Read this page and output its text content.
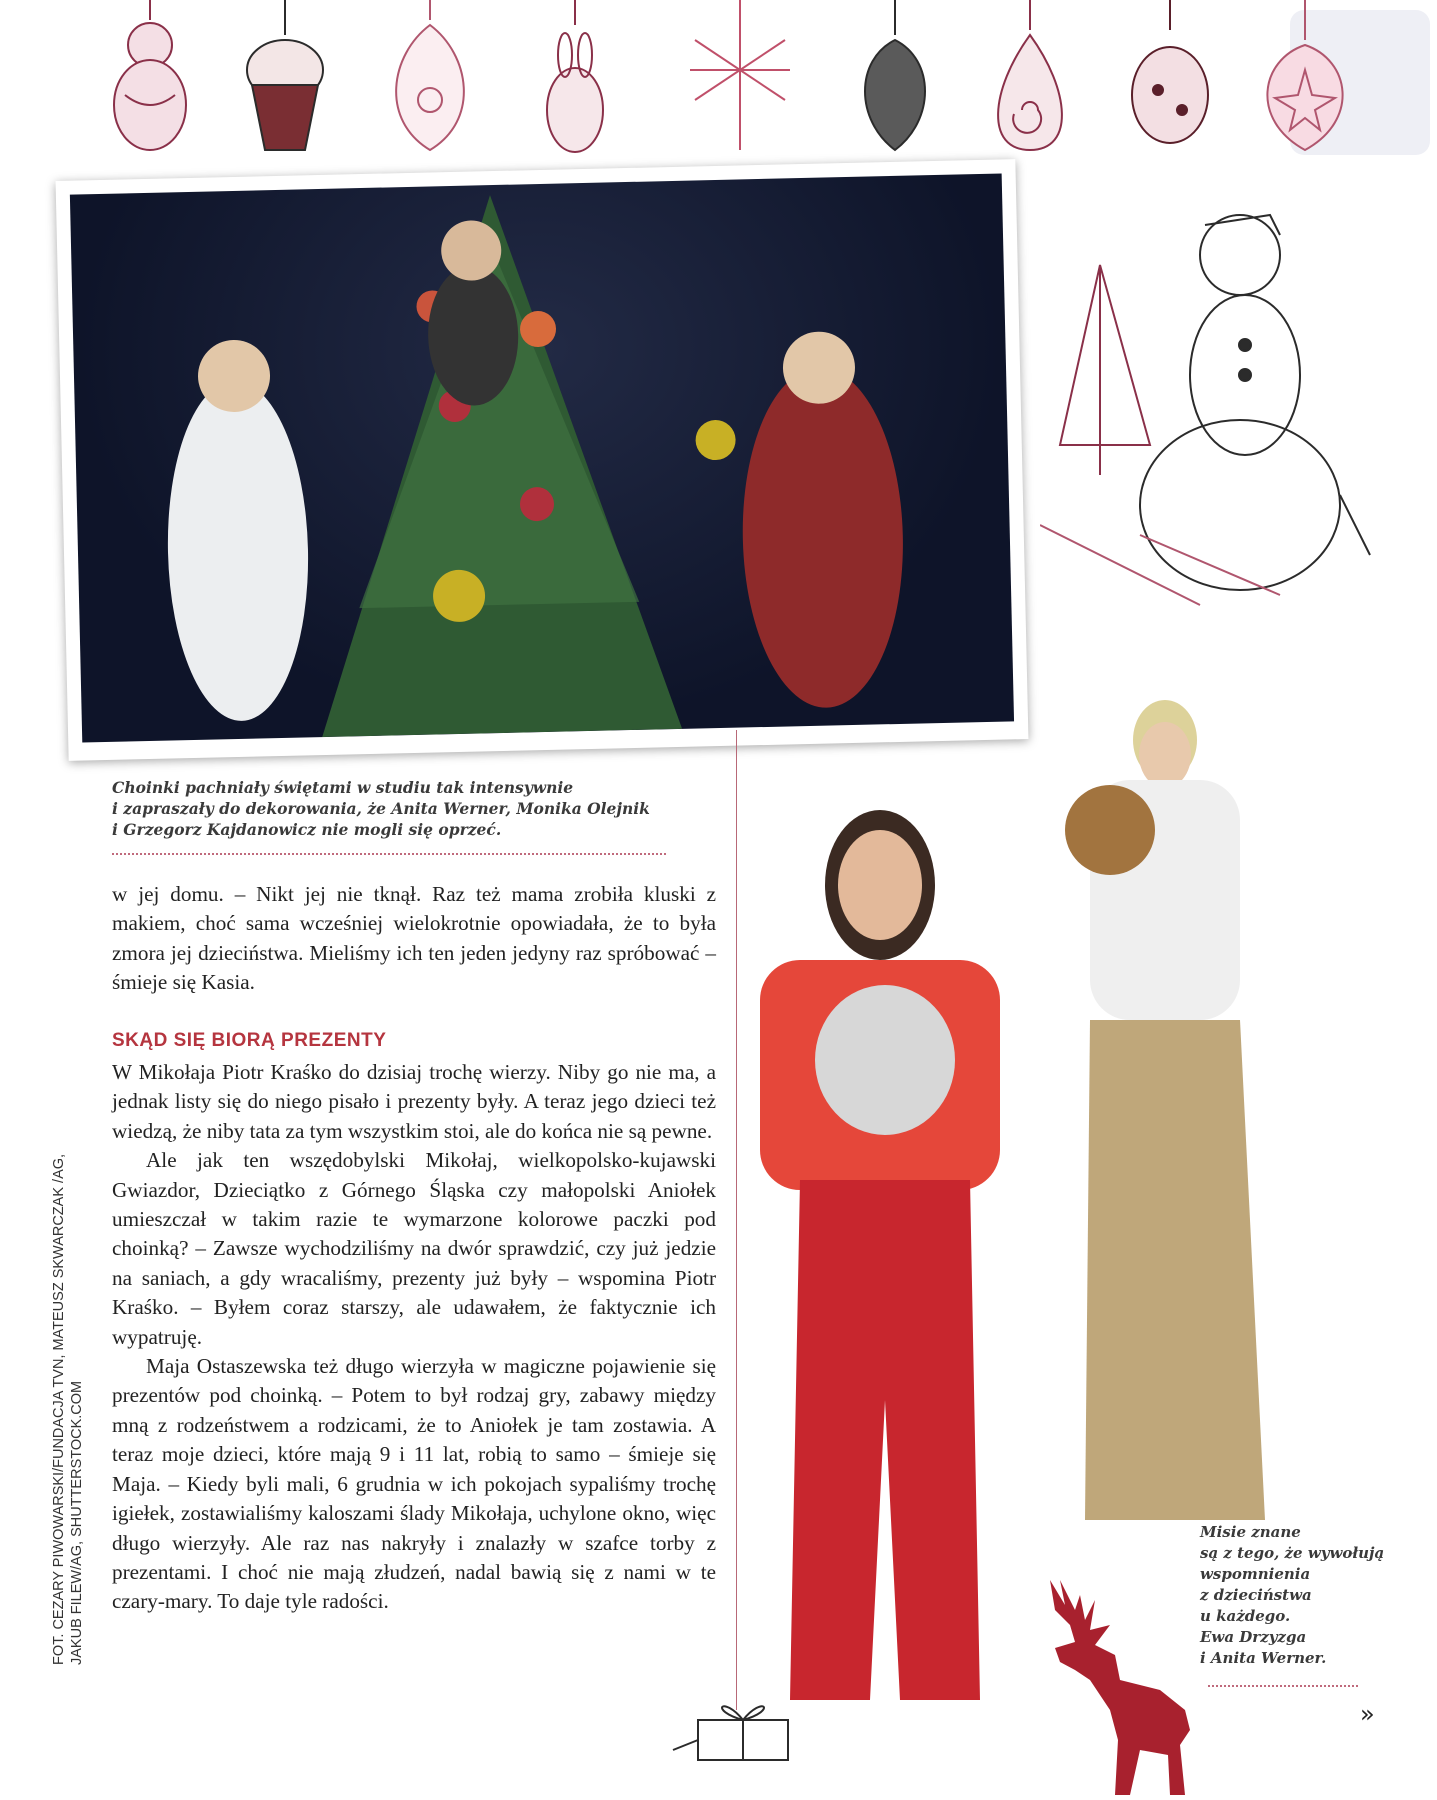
Choinki pachniały świętami w studiu tak intensywnie
i zapraszały do dekorowania, że Anita Werner, Monika Olejnik
i Grzegorz Kajdanowicz nie mogli się oprzeć.

w jej domu. – Nikt jej nie tknął. Raz też mama zrobiła kluski z makiem, choć sama wcześniej wielokrotnie opowiadała, że to była zmora jej dzieciństwa. Mieliśmy ich ten jeden jedyny raz spróbować – śmieje się Kasia.

SKĄD SIĘ BIORĄ PREZENTY

W Mikołaja Piotr Kraśko do dzisiaj trochę wierzy. Niby go nie ma, a jednak listy się do niego pisało i prezenty były. A teraz jego dzieci też wiedzą, że niby tata za tym wszystkim stoi, ale do końca nie są pewne.

Ale jak ten wszędobylski Mikołaj, wielkopolsko-kujawski Gwiazdor, Dzieciątko z Górnego Śląska czy małopolski Aniołek umieszczał w takim razie te wymarzone kolorowe paczki pod choinką? – Zawsze wychodziliśmy na dwór sprawdzić, czy już jedzie na saniach, a gdy wracaliśmy, prezenty już były – wspomina Piotr Kraśko. – Byłem coraz starszy, ale udawałem, że faktycznie ich wypatruję.

Maja Ostaszewska też długo wierzyła w magiczne pojawienie się prezentów pod choinką. – Potem to był rodzaj gry, zabawy między mną z rodzeństwem a rodzicami, że to Aniołek je tam zostawia. A teraz moje dzieci, które mają 9 i 11 lat, robią to samo – śmieje się Maja. – Kiedy byli mali, 6 grudnia w ich pokojach sypaliśmy trochę igiełek, zostawialiśmy kaloszami ślady Mikołaja, uchylone okno, więc długo wierzyły. Ale raz nas nakryły i znalazły w szafce torby z prezentami. I choć nie mają złudzeń, nadal bawią się z nami w te czary-mary. To daje tyle radości.

FOT. CEZARY PIWOWARSKI/FUNDACJA TVN, MATEUSZ SKWARCZAK /AG, JAKUB FILEW/AG, SHUTTERSTOCK.COM	Misie znane
są z tego, że wywołują
wspomnienia
z dzieciństwa
u każdego.
Ewa Drzyzga
i Anita Werner.
»
